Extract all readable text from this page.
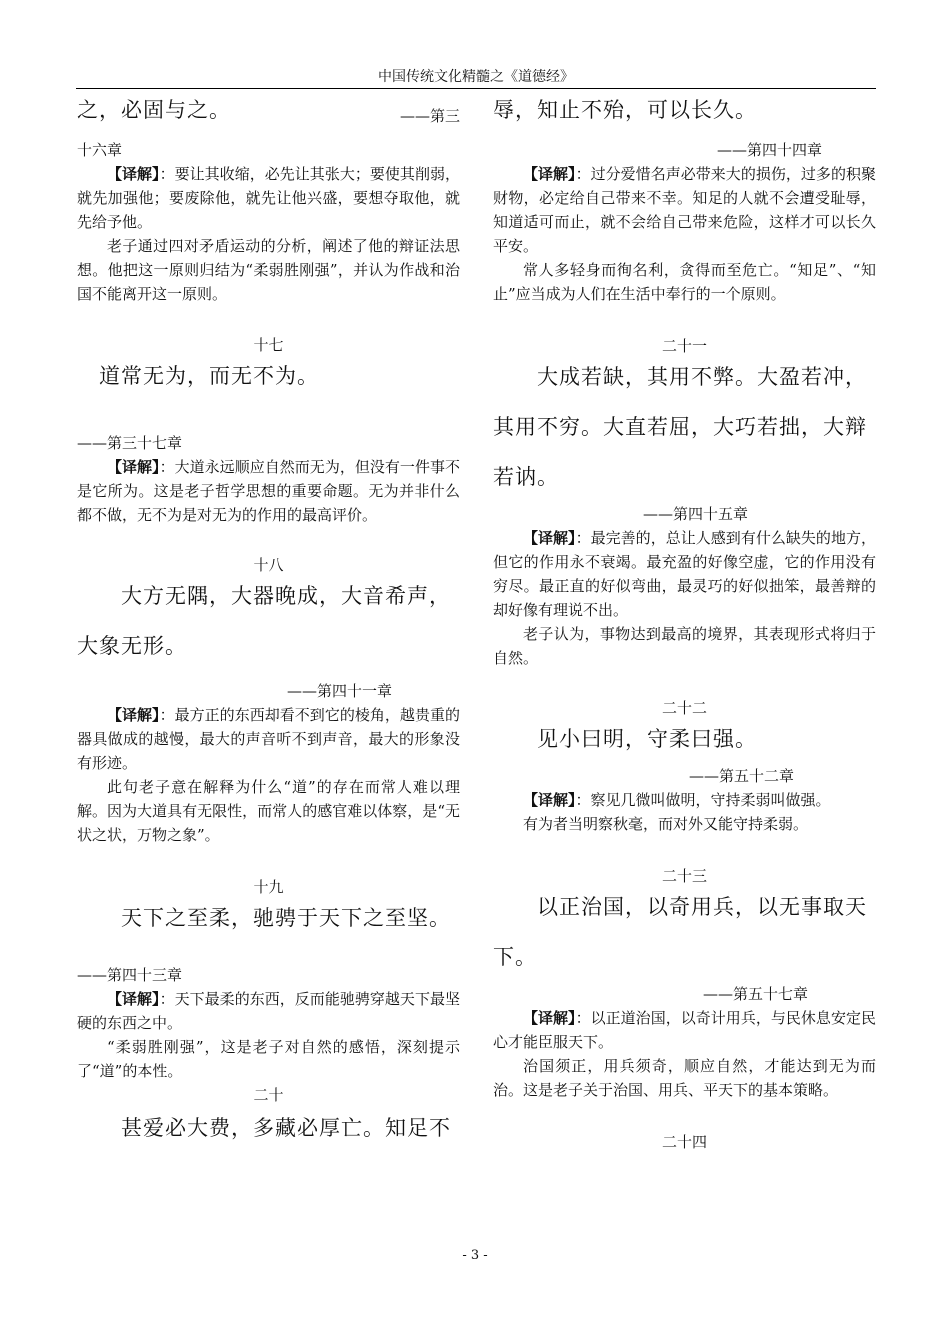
中国传统文化精髓之《道德经》
之，必固与之。	——第三

十六章

【译解】：要让其收缩，必先让其张大；要使其削弱，就先加强他；要废除他，就先让他兴盛，要想夺取他，就先给予他。

老子通过四对矛盾运动的分析，阐述了他的辩证法思想。他把这一原则归结为“柔弱胜刚强”，并认为作战和治国不能离开这一原则。

十七

道常无为，而无不为。

——第三十七章

【译解】：大道永远顺应自然而无为，但没有一件事不是它所为。这是老子哲学思想的重要命题。无为并非什么都不做，无不为是对无为的作用的最高评价。

十八

大方无隅，大器晚成，大音希声，

大象无形。

——第四十一章

【译解】：最方正的东西却看不到它的棱角，越贵重的器具做成的越慢，最大的声音听不到声音，最大的形象没有形迹。

此句老子意在解释为什么“道”的存在而常人难以理解。因为大道具有无限性，而常人的感官难以体察，是“无状之状，万物之象”。

十九

天下之至柔，驰骋于天下之至坚。

——第四十三章

【译解】：天下最柔的东西，反而能驰骋穿越天下最坚硬的东西之中。

“柔弱胜刚强”，这是老子对自然的感悟，深刻提示了“道”的本性。

二十

甚爱必大费，多藏必厚亡。知足不

辱，知止不殆，可以长久。

——第四十四章

【译解】：过分爱惜名声必带来大的损伤，过多的积聚财物，必定给自己带来不幸。知足的人就不会遭受耻辱，知道适可而止，就不会给自己带来危险，这样才可以长久平安。

常人多轻身而徇名利，贪得而至危亡。“知足”、“知止”应当成为人们在生活中奉行的一个原则。

二十一

大成若缺，其用不弊。大盈若冲，

其用不穷。大直若屈，大巧若拙，大辩

若讷。

——第四十五章

【译解】：最完善的，总让人感到有什么缺失的地方，但它的作用永不衰竭。最充盈的好像空虚，它的作用没有穷尽。最正直的好似弯曲，最灵巧的好似拙笨，最善辩的却好像有理说不出。

老子认为，事物达到最高的境界，其表现形式将归于自然。

二十二

见小曰明，守柔曰强。

——第五十二章

【译解】：察见几微叫做明，守持柔弱叫做强。

有为者当明察秋毫，而对外又能守持柔弱。

二十三

以正治国，以奇用兵，以无事取天

下。

——第五十七章

【译解】：以正道治国，以奇计用兵，与民休息安定民心才能臣服天下。

治国须正，用兵须奇，顺应自然，才能达到无为而治。这是老子关于治国、用兵、平天下的基本策略。

二十四

- 3 -
